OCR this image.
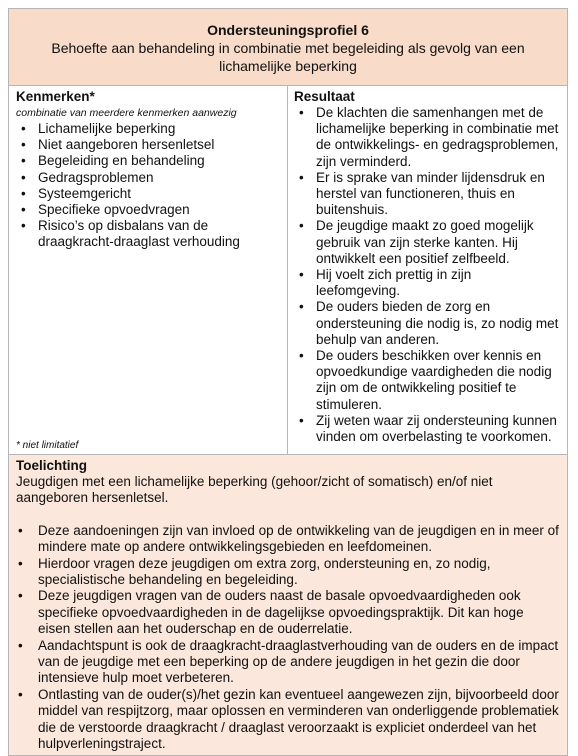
Ondersteuningsprofiel 6
Behoefte aan behandeling in combinatie met begeleiding als gevolg van een lichamelijke beperking
Kenmerken*
combinatie van meerdere kenmerken aanwezig
• Lichamelijke beperking
• Niet aangeboren hersenletsel
• Begeleiding en behandeling
• Gedragsproblemen
• Systeemgericht
• Specifieke opvoedvragen
• Risico’s op disbalans van de draagkracht-draaglast verhouding
* niet limitatief
Resultaat
• De klachten die samenhangen met de lichamelijke beperking in combinatie met de ontwikkelings- en gedragsproblemen, zijn verminderd.
• Er is sprake van minder lijdensdruk en herstel van functioneren, thuis en buitenshuis.
• De jeugdige maakt zo goed mogelijk gebruik van zijn sterke kanten. Hij ontwikkelt een positief zelfbeeld.
• Hij voelt zich prettig in zijn leefomgeving.
• De ouders bieden de zorg en ondersteuning die nodig is, zo nodig met behulp van anderen.
• De ouders beschikken over kennis en opvoedkundige vaardigheden die nodig zijn om de ontwikkeling positief te stimuleren.
• Zij weten waar zij ondersteuning kunnen vinden om overbelasting te voorkomen.
Toelichting
Jeugdigen met een lichamelijke beperking (gehoor/zicht of somatisch) en/of niet aangeboren hersenletsel.
• Deze aandoeningen zijn van invloed op de ontwikkeling van de jeugdigen en in meer of mindere mate op andere ontwikkelingsgebieden en leefdomeinen.
• Hierdoor vragen deze jeugdigen om extra zorg, ondersteuning en, zo nodig, specialistische behandeling en begeleiding.
• Deze jeugdigen vragen van de ouders naast de basale opvoedvaardigheden ook specifieke opvoedvaardigheden in de dagelijkse opvoedingspraktijk. Dit kan hoge eisen stellen aan het ouderschap en de ouderrelatie.
• Aandachtspunt is ook de draagkracht-draaglastverhouding van de ouders en de impact van de jeugdige met een beperking op de andere jeugdigen in het gezin die door intensieve hulp moet verbeteren.
• Ontlasting van de ouder(s)/het gezin kan eventueel aangewezen zijn, bijvoorbeeld door middel van respijtzorg, maar oplossen en verminderen van onderliggende problematiek die de verstoorde draagkracht / draaglast veroorzaakt is expliciet onderdeel van het hulpverleningstraject.
